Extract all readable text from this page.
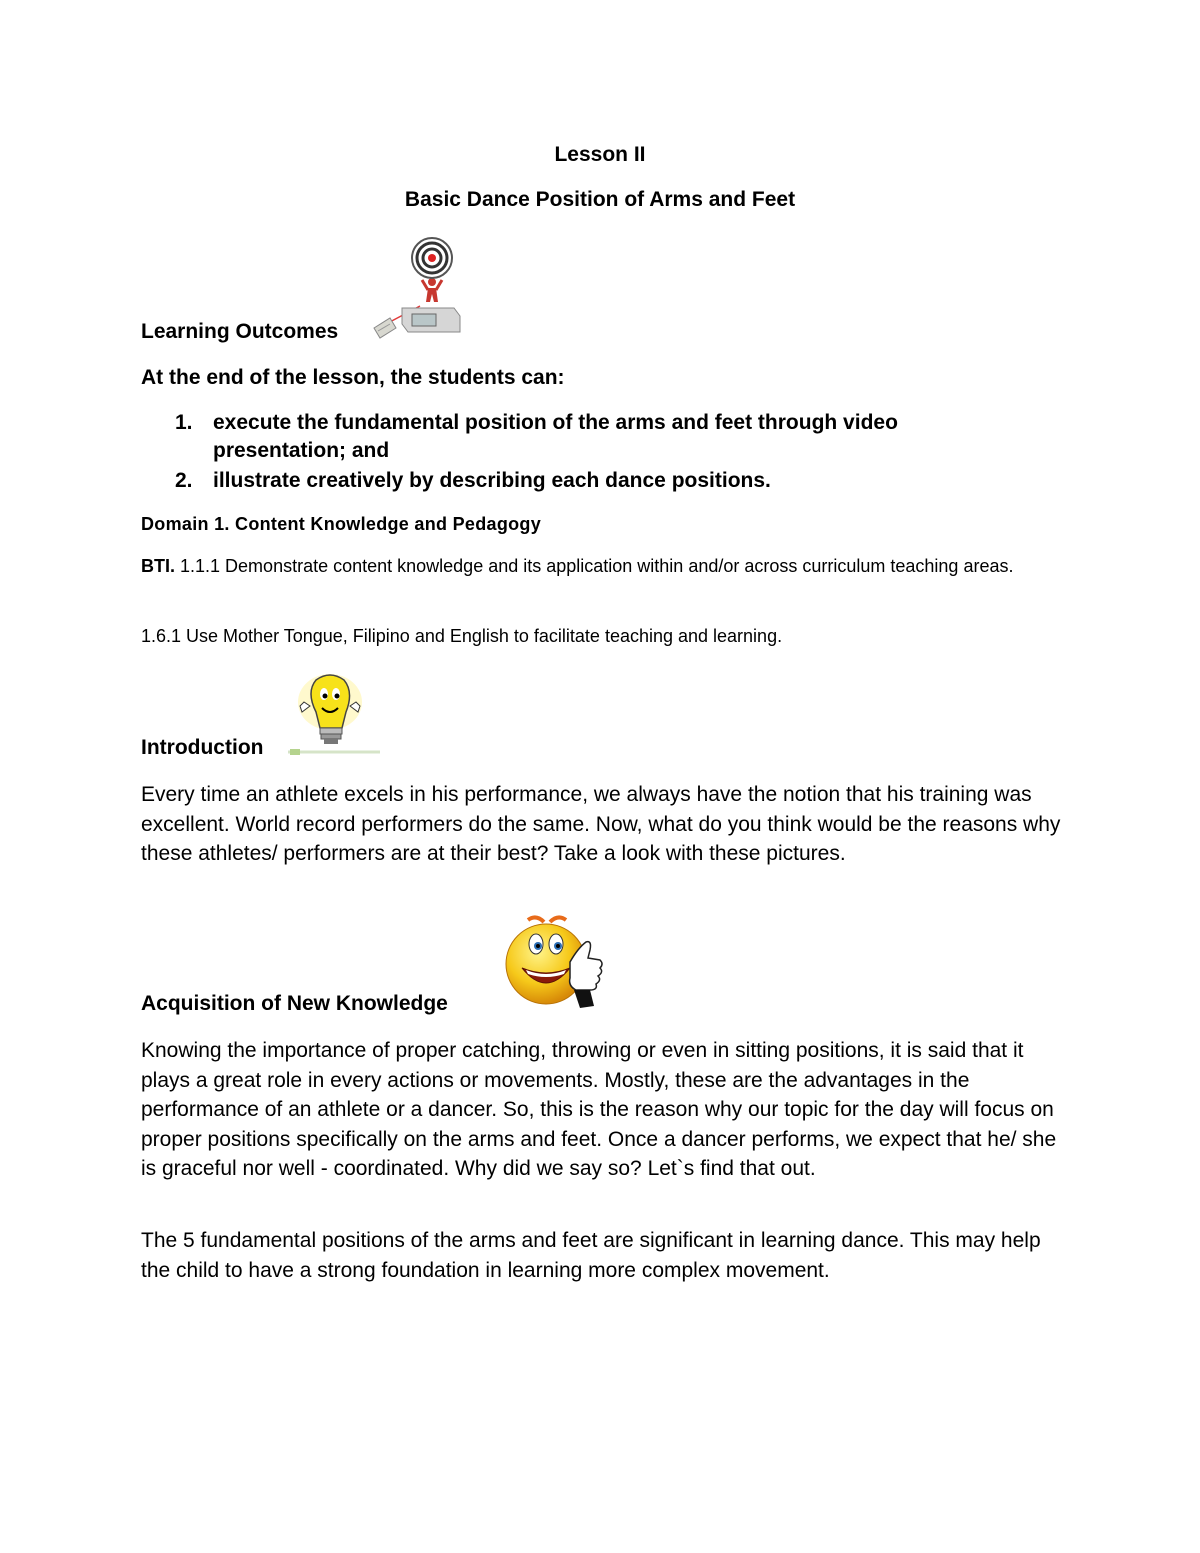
Lesson II
Basic Dance Position of Arms and Feet
Learning Outcomes
At the end of the lesson, the students can:
1. execute the fundamental position of the arms and feet through video presentation; and
2. illustrate creatively by describing each dance positions.
Domain 1. Content Knowledge and Pedagogy
BTI. 1.1.1 Demonstrate content knowledge and its application within and/or across curriculum teaching areas.
1.6.1 Use Mother Tongue, Filipino and English to facilitate teaching and learning.
Introduction
Every time an athlete excels in his performance, we always have the notion that his training was excellent. World record performers do the same. Now, what do you think would be the reasons why these athletes/ performers are at their best? Take a look with these pictures.
Acquisition of New Knowledge
Knowing the importance of proper catching, throwing or even in sitting positions, it is said that it plays a great role in every actions or movements. Mostly, these are the advantages in the performance of an athlete or a dancer. So, this is the reason why our topic for the day will focus on proper positions specifically on the arms and feet. Once a dancer performs, we expect that he/ she is graceful nor well - coordinated. Why did we say so? Let`s find that out.
The 5 fundamental positions of the arms and feet are significant in learning dance. This may help the child to have a strong foundation in learning more complex movement.
